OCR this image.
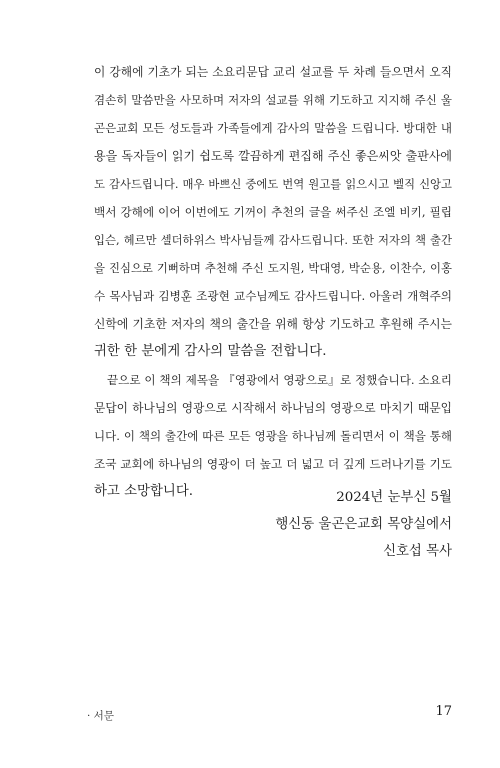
이 강해에 기초가 되는 소요리문답 교리 설교를 두 차례 들으면서 오직
겸손히 말씀만을 사모하며 저자의 설교를 위해 기도하고 지지해 주신 울
곤은교회 모든 성도들과 가족들에게 감사의 말씀을 드립니다. 방대한 내
용을 독자들이 읽기 쉽도록 깔끔하게 편집해 주신 좋은씨앗 출판사에
도 감사드립니다. 매우 바쁘신 중에도 번역 원고를 읽으시고 벨직 신앙고
백서 강해에 이어 이번에도 기꺼이 추천의 글을 써주신 조엘 비키, 필립
입슨, 헤르만 셀더하위스 박사님들께 감사드립니다. 또한 저자의 책 출간
을 진심으로 기뻐하며 추천해 주신 도지원, 박대영, 박순용, 이찬수, 이홍
수 목사님과 김병훈 조광현 교수님께도 감사드립니다. 아울러 개혁주의
신학에 기초한 저자의 책의 출간을 위해 항상 기도하고 후원해 주시는
귀한 한 분에게 감사의 말씀을 전합니다.
끝으로 이 책의 제목을 『영광에서 영광으로』로 정했습니다. 소요리
문답이 하나님의 영광으로 시작해서 하나님의 영광으로 마치기 때문입
니다. 이 책의 출간에 따른 모든 영광을 하나님께 돌리면서 이 책을 통해
조국 교회에 하나님의 영광이 더 높고 더 넓고 더 깊게 드러나기를 기도
하고 소망합니다.	2024년 눈부신 5월
행신동 울곤은교회 목양실에서
신호섭 목사
· 서문	17
